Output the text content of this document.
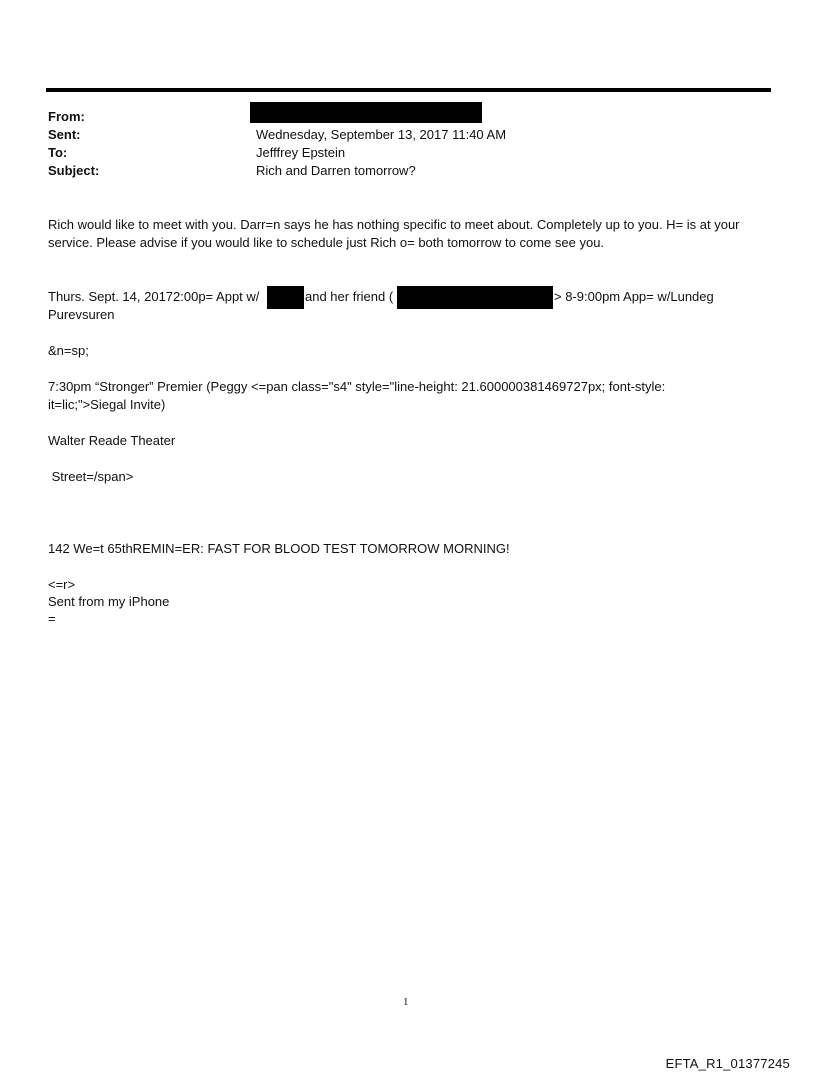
From:
Sent:	Wednesday, September 13, 2017 11:40 AM
To:	Jefffrey Epstein
Subject:	Rich and Darren tomorrow?
Rich would like to meet with you. Darr=n says he has nothing specific to meet about. Completely up to you. H= is at your service. Please advise if you would like to schedule just Rich o= both tomorrow to come see you.
Thurs. Sept. 14, 20172:00p= Appt w/	and her friend (	> 8-9:00pm App= w/Lundeg
Purevsuren
&n=sp;
7:30pm “Stronger” Premier (Peggy <=pan class="s4" style="line-height: 21.600000381469727px; font-style: it=lic;">Siegal Invite)
Walter Reade Theater
Street=/span>
142 We=t 65thREMIN=ER: FAST FOR BLOOD TEST TOMORROW MORNING!
<=r>
Sent from my iPhone
=
1
EFTA_R1_01377245
